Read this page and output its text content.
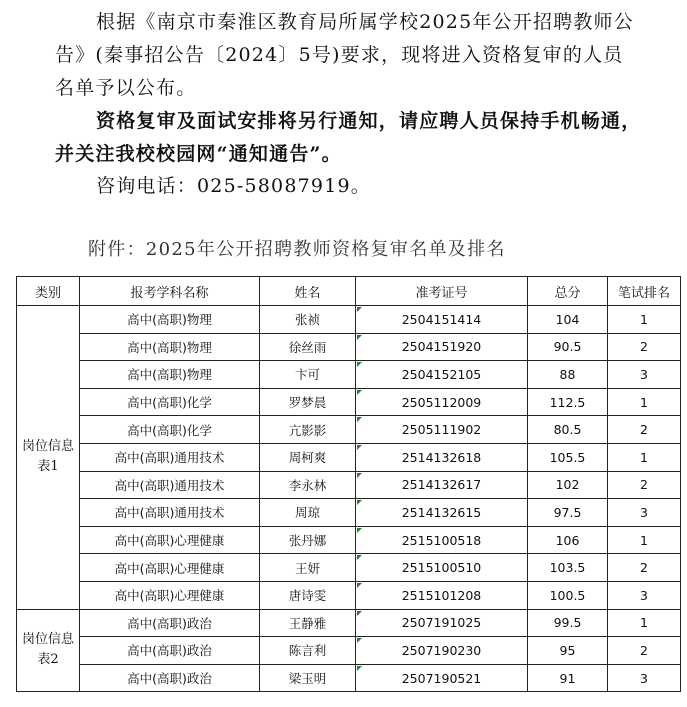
根据《南京市秦淮区教育局所属学校2025年公开招聘教师公
告》(秦事招公告〔2024〕5号)要求，现将进入资格复审的人员
名单予以公布。
资格复审及面试安排将另行通知，请应聘人员保持手机畅通，
并关注我校校园网“通知通告”。
咨询电话：025-58087919。
附件：2025年公开招聘教师资格复审名单及排名
类别	报考学科名称	姓名	准考证号	总分	笔试排名
岗位信息表1	高中(高职)物理	张祯	2504151414	104	1
	高中(高职)物理	徐丝雨	2504151920	90.5	2
	高中(高职)物理	卞可	2504152105	88	3
	高中(高职)化学	罗梦晨	2505112009	112.5	1
	高中(高职)化学	亢影影	2505111902	80.5	2
	高中(高职)通用技术	周柯爽	2514132618	105.5	1
	高中(高职)通用技术	李永林	2514132617	102	2
	高中(高职)通用技术	周琼	2514132615	97.5	3
	高中(高职)心理健康	张丹娜	2515100518	106	1
	高中(高职)心理健康	王妍	2515100510	103.5	2
	高中(高职)心理健康	唐诗雯	2515101208	100.5	3
岗位信息表2	高中(高职)政治	王静雅	2507191025	99.5	1
	高中(高职)政治	陈言利	2507190230	95	2
	高中(高职)政治	梁玉明	2507190521	91	3
